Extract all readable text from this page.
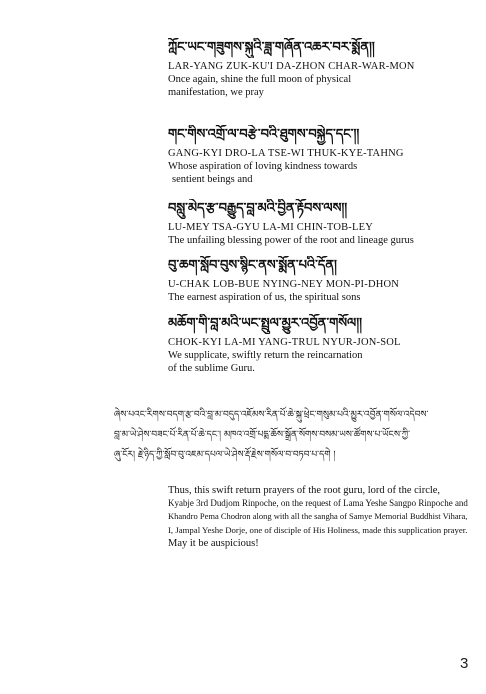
ཀློང་ཡང་གཟུགས་སྐུའི་ཟླ་གཞོན་འཆར་བར་སྨོན།།
LAR-YANG ZUK-KU'I DA-ZHON CHAR-WAR-MON
Once again, shine the full moon of physical
manifestation, we pray
གང་གིས་འགྲོ་ལ་བརྩེ་བའི་ཐུགས་བསྐྱེད་དང་།།
GANG-KYI DRO-LA TSE-WI THUK-KYE-TAHNG
Whose aspiration of loving kindness towards
sentient beings and
བསླུ་མེད་རྩ་བརྒྱུད་བླ་མའི་བྱིན་རྟོབས་ལས།།
LU-MEY TSA-GYU LA-MI CHIN-TOB-LEY
The unfailing blessing power of the root and lineage gurus
བུ་ཆག་སློབ་བུས་སྙིང་ནས་སྨོན་པའི་དོན།
U-CHAK LOB-BUE NYING-NEY MON-PI-DHON
The earnest aspiration of us, the spiritual sons
མཆོག་གི་བླ་མའི་ཡང་སྤྲུལ་མྱུར་འབྱོན་གསོལ།།
CHOK-KYI LA-MI YANG-TRUL NYUR-JON-SOL
We supplicate, swiftly return the reincarnation
of the sublime Guru.
ཞེས་པའང་རིགས་བདག་རྩ་བའི་བླ་མ་བདུད་འཇོམས་རིན་པོ་ཆེ་སྐུ་ཕྲེང་གསུམ་པའི་མྱུར་འབྱོན་གསོལ་འདེབས་
བླ་མ་ཡེ་ཤེས་བཟང་པོ་རིན་པོ་ཆེ་དང་། མཁའ་འགྲོ་པདྨ་ཆོས་སྒྲོན་སོགས་བསམ་ཡས་ཚོགས་པ་ཡོངས་ཀྱི་
ཞུ་ངོར། རྗེ་ཉིད་ཀྱི་སློབ་བུ་འཇམ་དཔལ་ཡེ་ཤེས་རྡོ་རྗེས་གསོལ་བ་བཏབ་པ་དགེ །
Thus, this swift return prayers of the root guru, lord of the circle,
Kyabje 3rd Dudjom Rinpoche, on the request of Lama Yeshe Sangpo Rinpoche and
Khandro Pema Chodron along with all the sangha of Samye Memorial Buddhist Vihara,
I, Jampal Yeshe Dorje, one of disciple of His Holiness, made this supplication prayer.
May it be auspicious!
3
